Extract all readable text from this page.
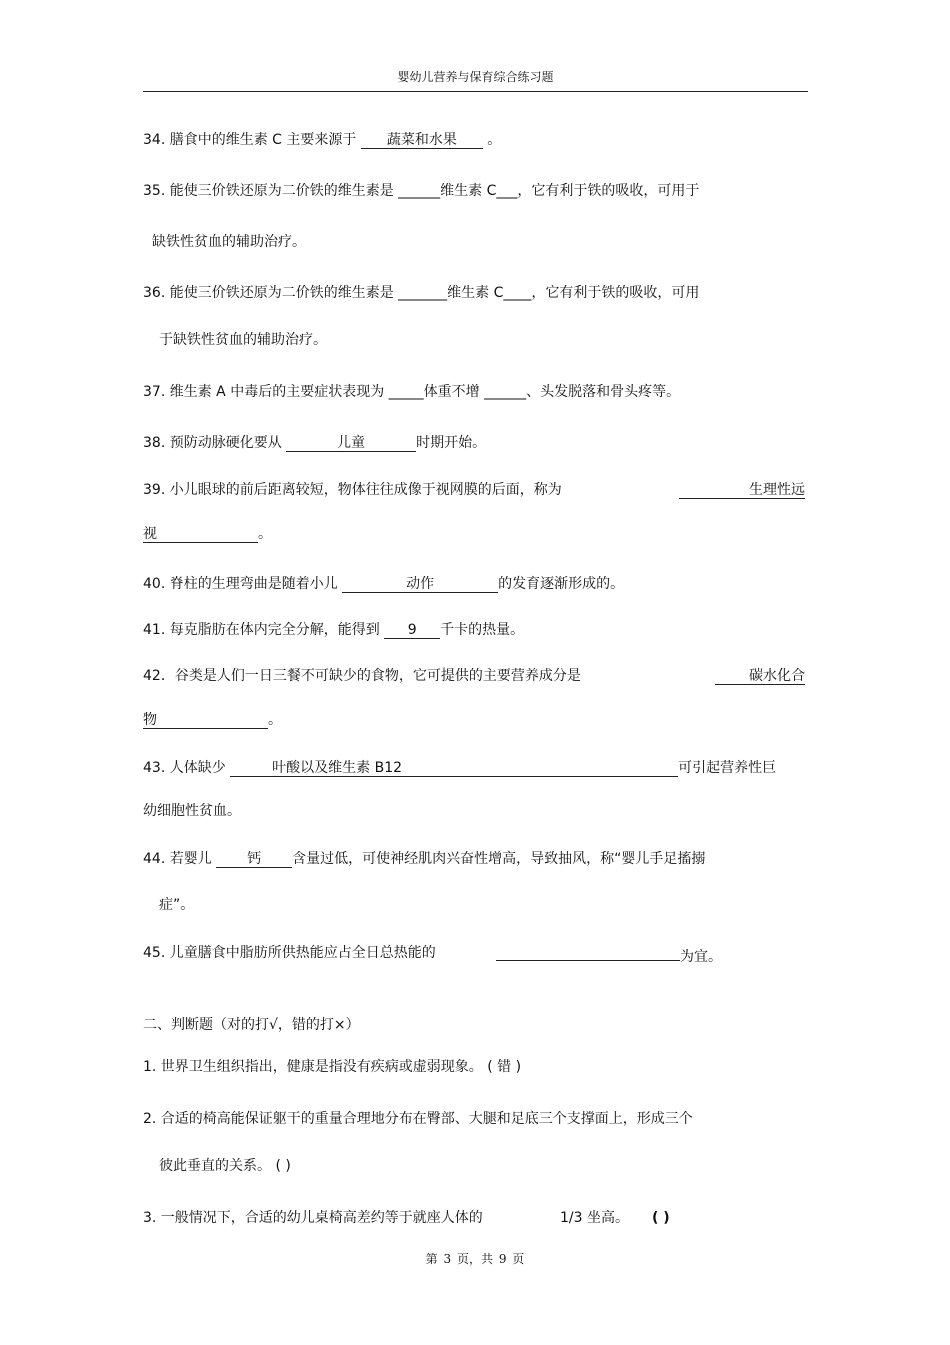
婴幼儿营养与保育综合练习题
34. 膳食中的维生素 C 主要来源于 蔬菜和水果 。
35. 能使三价铁还原为二价铁的维生素是 ______维生素 C___，它有利于铁的吸收，可用于
缺铁性贫血的辅助治疗。
36. 能使三价铁还原为二价铁的维生素是 _______维生素 C____，它有利于铁的吸收，可用
于缺铁性贫血的辅助治疗。
37. 维生素 A 中毒后的主要症状表现为 _____体重不增 ______、头发脱落和骨头疼等。
38. 预防动脉硬化要从	儿童	时期开始。
39. 小儿眼球的前后距离较短，物体往往成像于视网膜的后面，称为	生理性远
视	。
40. 脊柱的生理弯曲是随着小儿	动作	的发育逐渐形成的。
41. 每克脂肪在体内完全分解，能得到 9 千卡的热量。
42．谷类是人们一日三餐不可缺少的食物，它可提供的主要营养成分是	碳水化合
物	。
43. 人体缺少	叶酸以及维生素 B12	可引起营养性巨
幼细胞性贫血。
44. 若婴儿 钙 含量过低，可使神经肌肉兴奋性增高，导致抽风，称“婴儿手足搐搦
症”。
45. 儿童膳食中脂肪所供热能应占全日总热能的	为宜。
二、判断题（对的打√，错的打×）
1. 世界卫生组织指出，健康是指没有疾病或虚弱现象。 ( 错 )
2. 合适的椅高能保证躯干的重量合理地分布在臀部、大腿和足底三个支撑面上，形成三个
彼此垂直的关系。 ( )
3. 一般情况下，合适的幼儿桌椅高差约等于就座人体的	1/3 坐高。 ( )
第 3 页，共 9 页
